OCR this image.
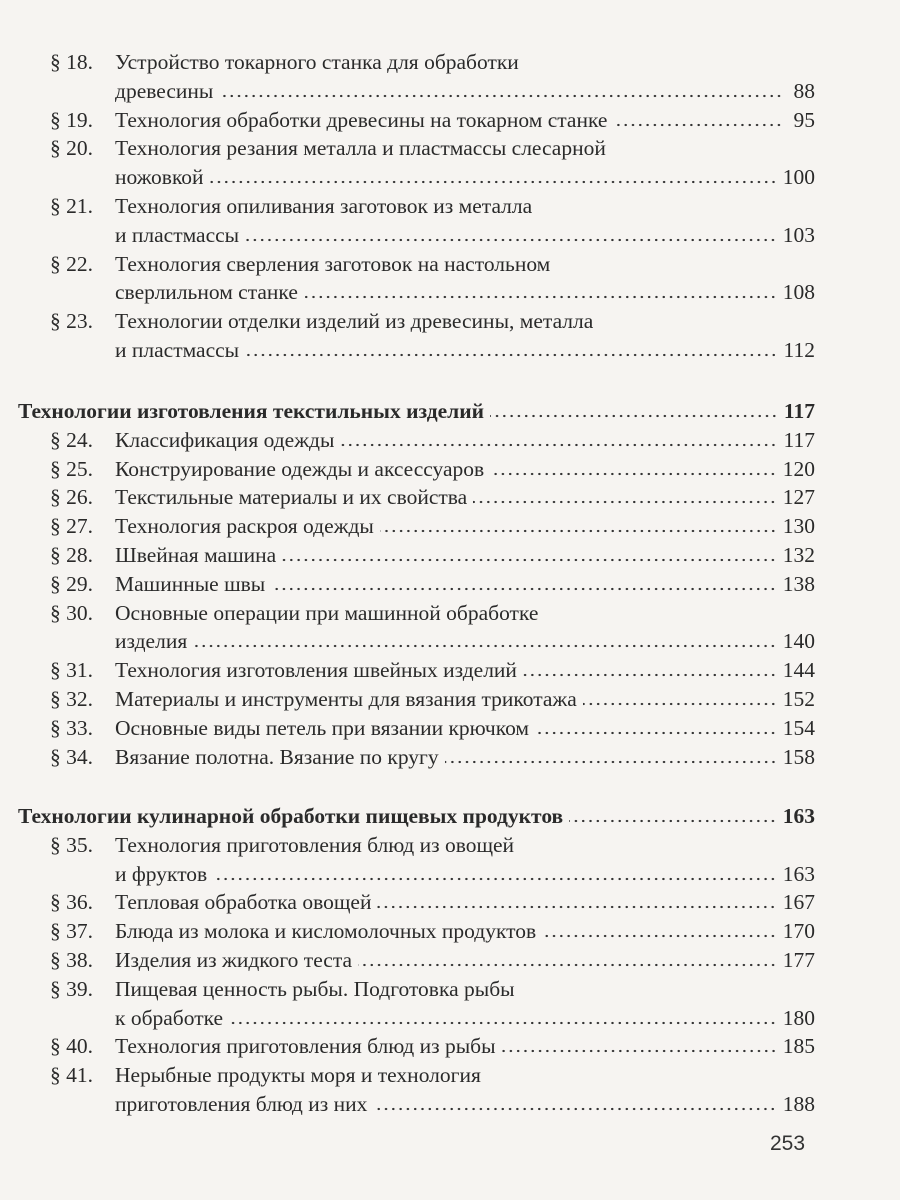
§ 18.	Устройство токарного станка для обработки
древесины	88
§ 19.	Технология обработки древесины на токарном станке	95
§ 20.	Технология резания металла и пластмассы слесарной
ножовкой	100
§ 21.	Технология опиливания заготовок из металла
и пластмассы	103
§ 22.	Технология сверления заготовок на настольном
сверлильном станке	108
§ 23.	Технологии отделки изделий из древесины, металла
и пластмассы	112
Технологии изготовления текстильных изделий	117
§ 24.	Классификация одежды	117
§ 25.	Конструирование одежды и аксессуаров	120
§ 26.	Текстильные материалы и их свойства	127
§ 27.	Технология раскроя одежды	130
§ 28.	Швейная машина	132
§ 29.	Машинные швы	138
§ 30.	Основные операции при машинной обработке
изделия	140
§ 31.	Технология изготовления швейных изделий	144
§ 32.	Материалы и инструменты для вязания трикотажа	152
§ 33.	Основные виды петель при вязании крючком	154
§ 34.	Вязание полотна. Вязание по кругу	158
Технологии кулинарной обработки пищевых продуктов	163
§ 35.	Технология приготовления блюд из овощей
и фруктов	163
§ 36.	Тепловая обработка овощей	167
§ 37.	Блюда из молока и кисломолочных продуктов	170
§ 38.	Изделия из жидкого теста	177
§ 39.	Пищевая ценность рыбы. Подготовка рыбы
к обработке	180
§ 40.	Технология приготовления блюд из рыбы	185
§ 41.	Нерыбные продукты моря и технология
приготовления блюд из них	188
253
